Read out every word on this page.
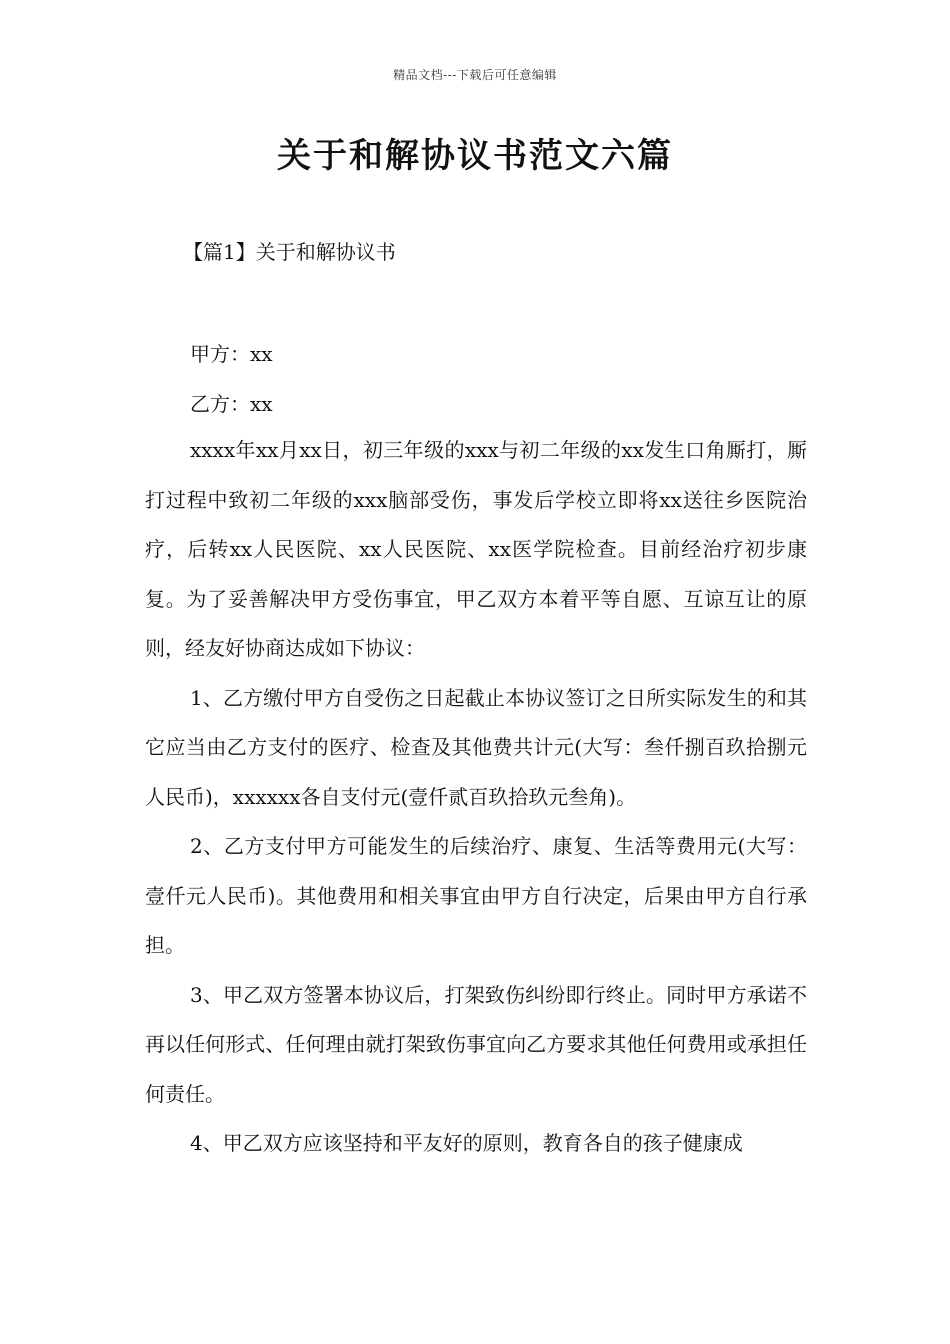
精品文档---下载后可任意编辑
关于和解协议书范文六篇
【篇1】关于和解协议书
甲方：xx
乙方：xx

xxxx年xx月xx日，初三年级的xxx与初二年级的xx发生口角厮打，厮打过程中致初二年级的xxx脑部受伤，事发后学校立即将xx送往乡医院治疗，后转xx人民医院、xx人民医院、xx医学院检查。目前经治疗初步康复。为了妥善解决甲方受伤事宜，甲乙双方本着平等自愿、互谅互让的原则，经友好协商达成如下协议：

1、乙方缴付甲方自受伤之日起截止本协议签订之日所实际发生的和其它应当由乙方支付的医疗、检查及其他费共计元(大写：叁仟捌百玖拾捌元人民币)，xxxxxx各自支付元(壹仟贰百玖拾玖元叁角)。

2、乙方支付甲方可能发生的后续治疗、康复、生活等费用元(大写：壹仟元人民币)。其他费用和相关事宜由甲方自行决定，后果由甲方自行承担。

3、甲乙双方签署本协议后，打架致伤纠纷即行终止。同时甲方承诺不再以任何形式、任何理由就打架致伤事宜向乙方要求其他任何费用或承担任何责任。

4、甲乙双方应该坚持和平友好的原则，教育各自的孩子健康成
